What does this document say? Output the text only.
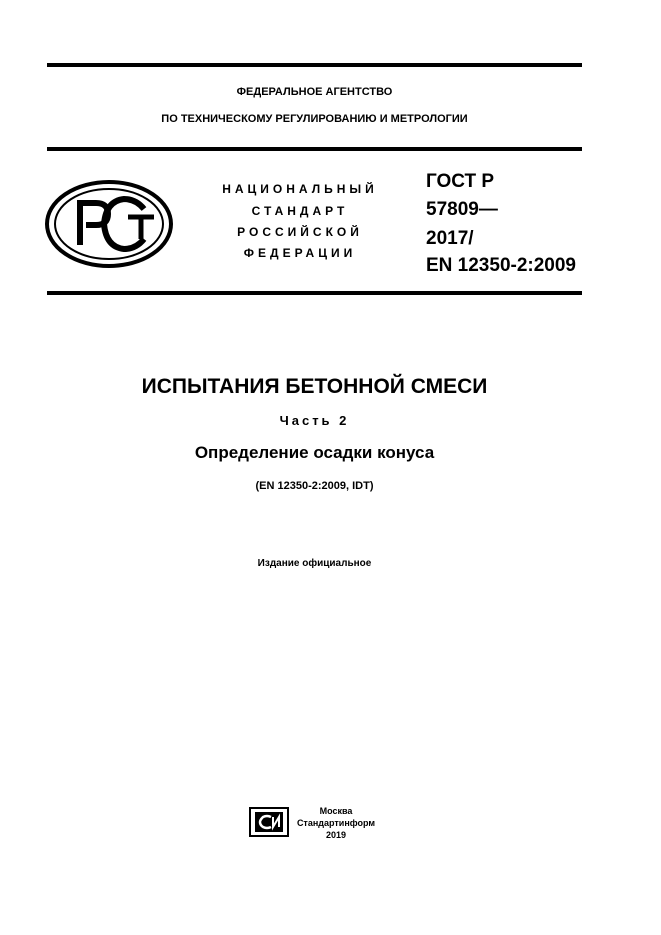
ФЕДЕРАЛЬНОЕ АГЕНТСТВО
ПО ТЕХНИЧЕСКОМУ РЕГУЛИРОВАНИЮ И МЕТРОЛОГИИ
НАЦИОНАЛЬНЫЙ
СТАНДАРТ
РОССИЙСКОЙ
ФЕДЕРАЦИИ
ГОСТ Р
57809—
2017/
EN 12350-2:2009
ИСПЫТАНИЯ БЕТОННОЙ СМЕСИ
Часть 2
Определение осадки конуса
(EN 12350-2:2009, IDT)
Издание официальное
Москва
Стандартинформ
2019
